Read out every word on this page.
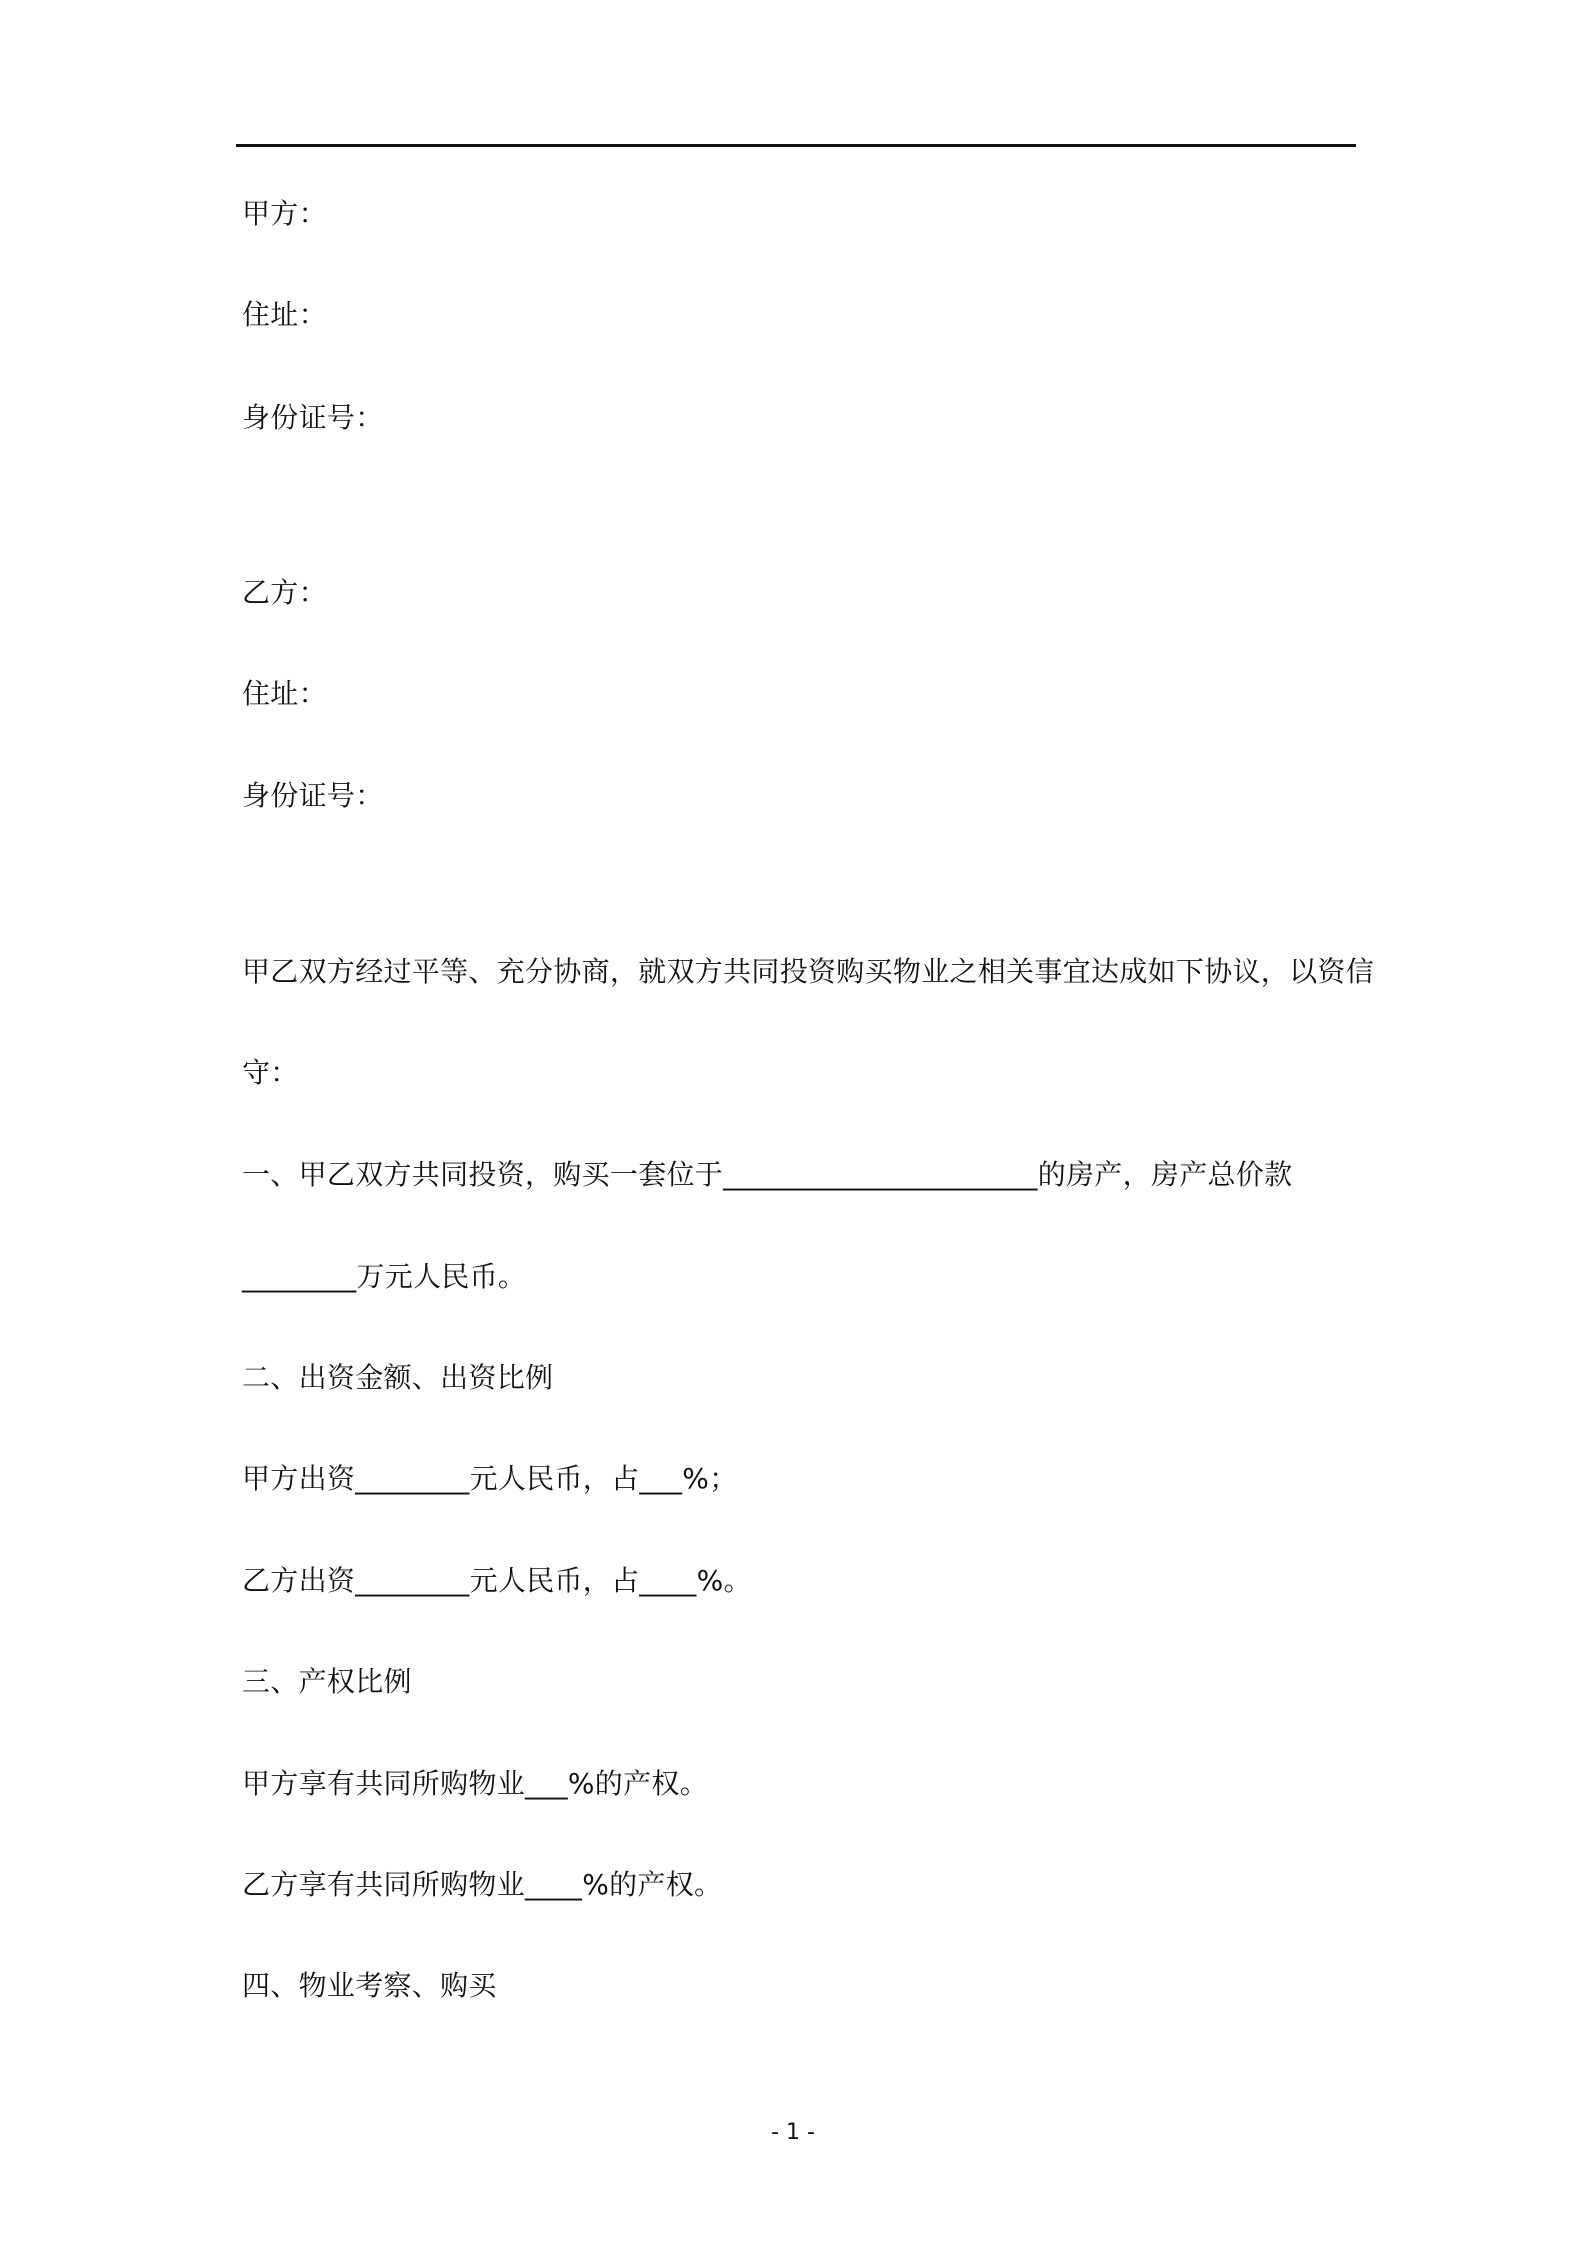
甲方：
住址：
身份证号：
乙方：
住址：
身份证号：
甲乙双方经过平等、充分协商，就双方共同投资购买物业之相关事宜达成如下协议，以资信
守：
一、甲乙双方共同投资，购买一套位于______________________的房产，房产总价款
________万元人民币。
二、出资金额、出资比例
甲方出资________元人民币，占___%；
乙方出资________元人民币，占____%。
三、产权比例
甲方享有共同所购物业___%的产权。
乙方享有共同所购物业____%的产权。
四、物业考察、购买
- 1 -
